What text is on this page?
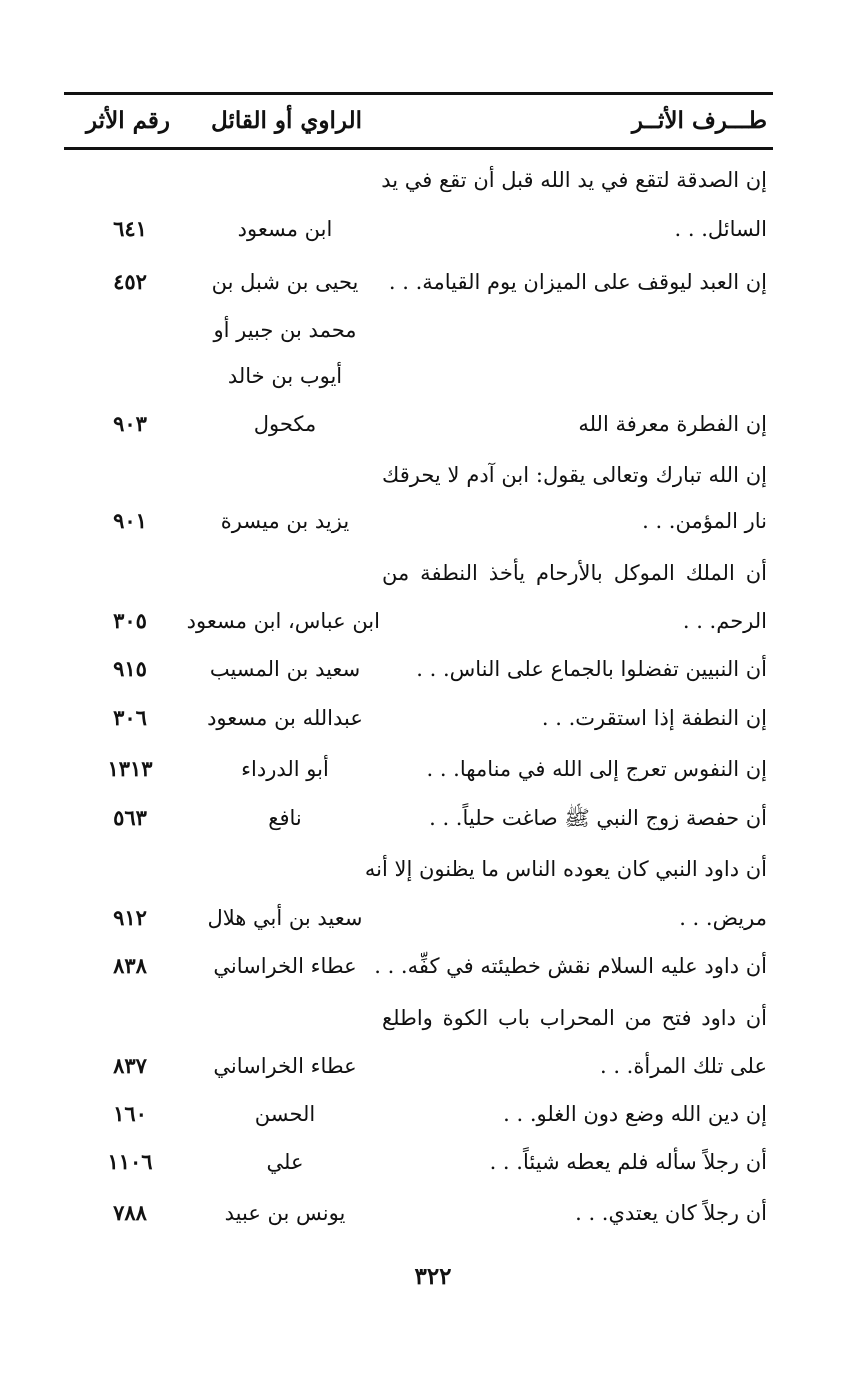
طـــرف الأثــر
الراوي أو القائل
رقم الأثر
إن الصدقة لتقع في يد الله قبل أن تقع في يد
السائل. . .
ابن مسعود
٦٤١
إن العبد ليوقف على الميزان يوم القيامة. . .
يحيى بن شبل بن
٤٥٢
محمد بن جبير أو
أيوب بن خالد
إن الفطرة معرفة الله
مكحول
٩٠٣
إن الله تبارك وتعالى يقول: ابن آدم لا يحرقك
نار المؤمن. . .
يزيد بن ميسرة
٩٠١
أن الملك الموكل بالأرحام يأخذ النطفة من
الرحم. . .
ابن عباس، ابن مسعود
٣٠٥
أن النبيين تفضلوا بالجماع على الناس. . .
سعيد بن المسيب
٩١٥
إن النطفة إذا استقرت. . .
عبدالله بن مسعود
٣٠٦
إن النفوس تعرج إلى الله في منامها. . .
أبو الدرداء
١٣١٣
أن حفصة زوج النبي ﷺ صاغت حلياً. . .
نافع
٥٦٣
أن داود النبي كان يعوده الناس ما يظنون إلا أنه
مريض. . .
سعيد بن أبي هلال
٩١٢
أن داود عليه السلام نقش خطيئته في كفِّه. . .
عطاء الخراساني
٨٣٨
أن داود فتح من المحراب باب الكوة واطلع
على تلك المرأة. . .
عطاء الخراساني
٨٣٧
إن دين الله وضع دون الغلو. . .
الحسن
١٦٠
أن رجلاً سأله فلم يعطه شيئاً. . .
علي
١١٠٦
أن رجلاً كان يعتدي. . .
يونس بن عبيد
٧٨٨
٣٢٢
